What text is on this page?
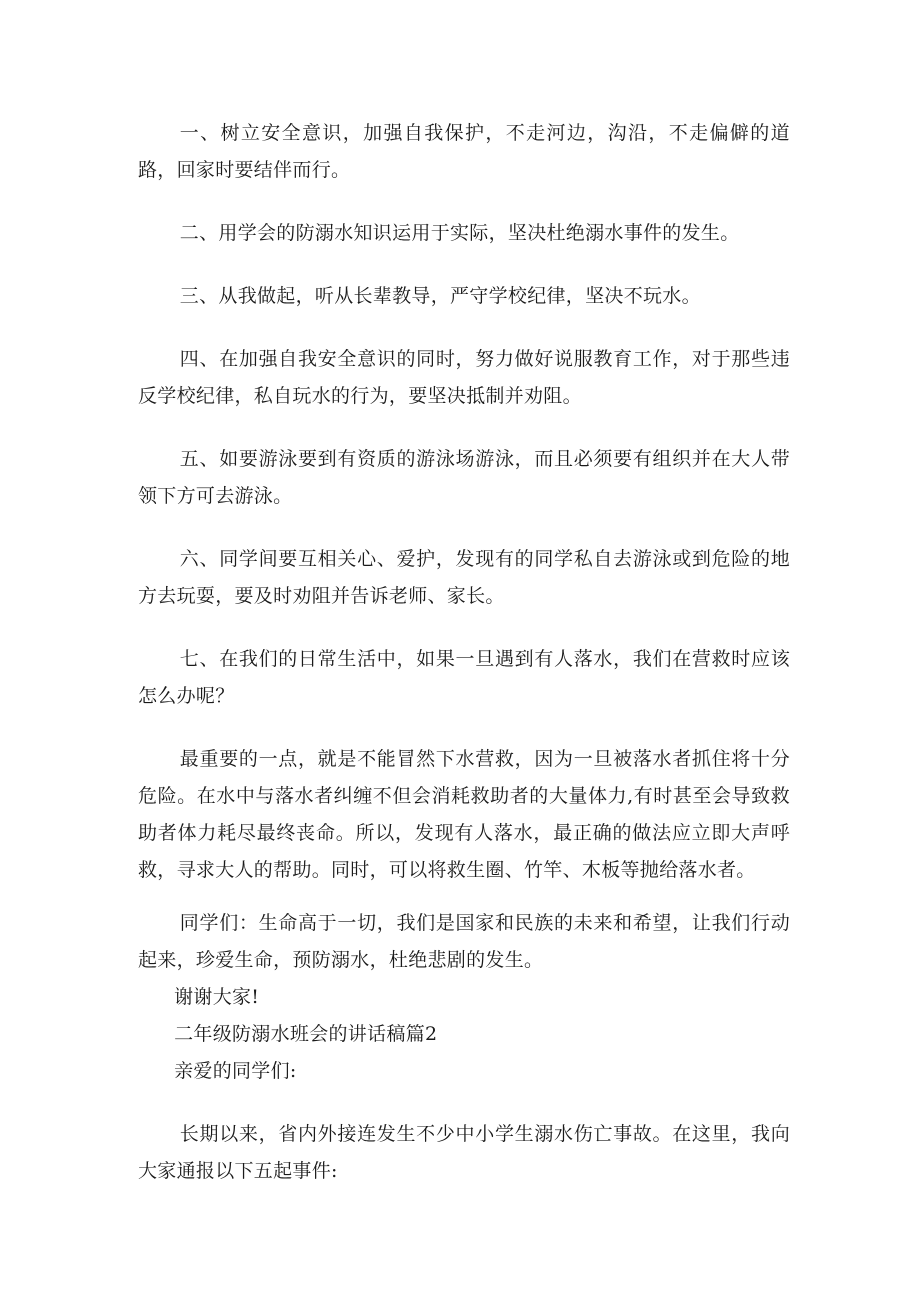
一、树立安全意识，加强自我保护，不走河边，沟沿，不走偏僻的道路，回家时要结伴而行。

二、用学会的防溺水知识运用于实际，坚决杜绝溺水事件的发生。

三、从我做起，听从长辈教导，严守学校纪律，坚决不玩水。

四、在加强自我安全意识的同时，努力做好说服教育工作，对于那些违反学校纪律，私自玩水的行为，要坚决抵制并劝阻。

五、如要游泳要到有资质的游泳场游泳，而且必须要有组织并在大人带领下方可去游泳。

六、同学间要互相关心、爱护，发现有的同学私自去游泳或到危险的地方去玩耍，要及时劝阻并告诉老师、家长。

七、在我们的日常生活中，如果一旦遇到有人落水，我们在营救时应该怎么办呢？

最重要的一点，就是不能冒然下水营救，因为一旦被落水者抓住将十分危险。在水中与落水者纠缠不但会消耗救助者的大量体力,有时甚至会导致救助者体力耗尽最终丧命。所以，发现有人落水，最正确的做法应立即大声呼救，寻求大人的帮助。同时，可以将救生圈、竹竿、木板等抛给落水者。

同学们：生命高于一切，我们是国家和民族的未来和希望，让我们行动起来，珍爱生命，预防溺水，杜绝悲剧的发生。

谢谢大家!

二年级防溺水班会的讲话稿篇2

亲爱的同学们:

长期以来，省内外接连发生不少中小学生溺水伤亡事故。在这里，我向大家通报以下五起事件:
